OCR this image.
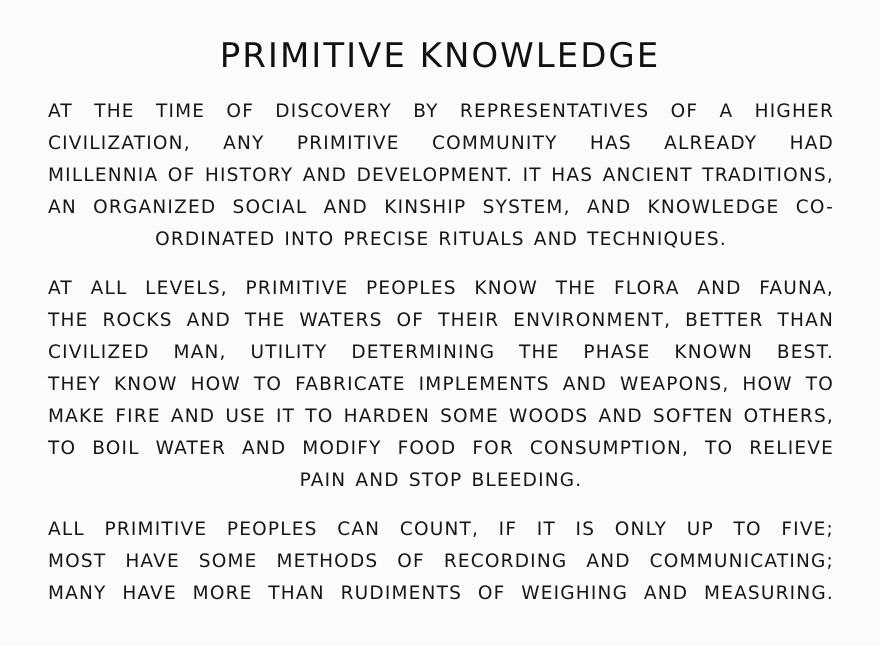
PRIMITIVE KNOWLEDGE
AT THE TIME OF DISCOVERY BY REPRESENTATIVES OF A HIGHER
CIVILIZATION, ANY PRIMITIVE COMMUNITY HAS ALREADY HAD
MILLENNIA OF HISTORY AND DEVELOPMENT. IT HAS ANCIENT TRADITIONS,
AN ORGANIZED SOCIAL AND KINSHIP SYSTEM, AND KNOWLEDGE CO-
ORDINATED INTO PRECISE RITUALS AND TECHNIQUES.
AT ALL LEVELS, PRIMITIVE PEOPLES KNOW THE FLORA AND FAUNA,
THE ROCKS AND THE WATERS OF THEIR ENVIRONMENT, BETTER THAN
CIVILIZED MAN, UTILITY DETERMINING THE PHASE KNOWN BEST.
THEY KNOW HOW TO FABRICATE IMPLEMENTS AND WEAPONS, HOW TO
MAKE FIRE AND USE IT TO HARDEN SOME WOODS AND SOFTEN OTHERS,
TO BOIL WATER AND MODIFY FOOD FOR CONSUMPTION, TO RELIEVE
PAIN AND STOP BLEEDING.
ALL PRIMITIVE PEOPLES CAN COUNT, IF IT IS ONLY UP TO FIVE;
MOST HAVE SOME METHODS OF RECORDING AND COMMUNICATING;
MANY HAVE MORE THAN RUDIMENTS OF WEIGHING AND MEASURING.
